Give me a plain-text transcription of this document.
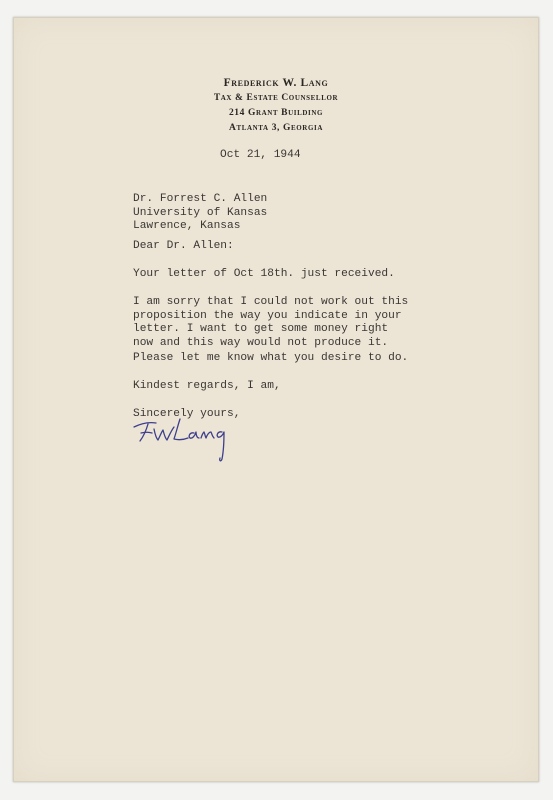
Frederick W. Lang
Tax & Estate Counsellor
214 Grant Building
Atlanta 3, Georgia
Oct 21, 1944
Dr. Forrest C. Allen
University of Kansas
Lawrence, Kansas
Dear Dr. Allen:
Your letter of Oct 18th. just received.
I am sorry that I could not work out this
proposition the way you indicate in your
letter. I want to get some money right
now and this way would not produce it.
Please let me know what you desire to do.
Kindest regards, I am,
Sincerely yours,
